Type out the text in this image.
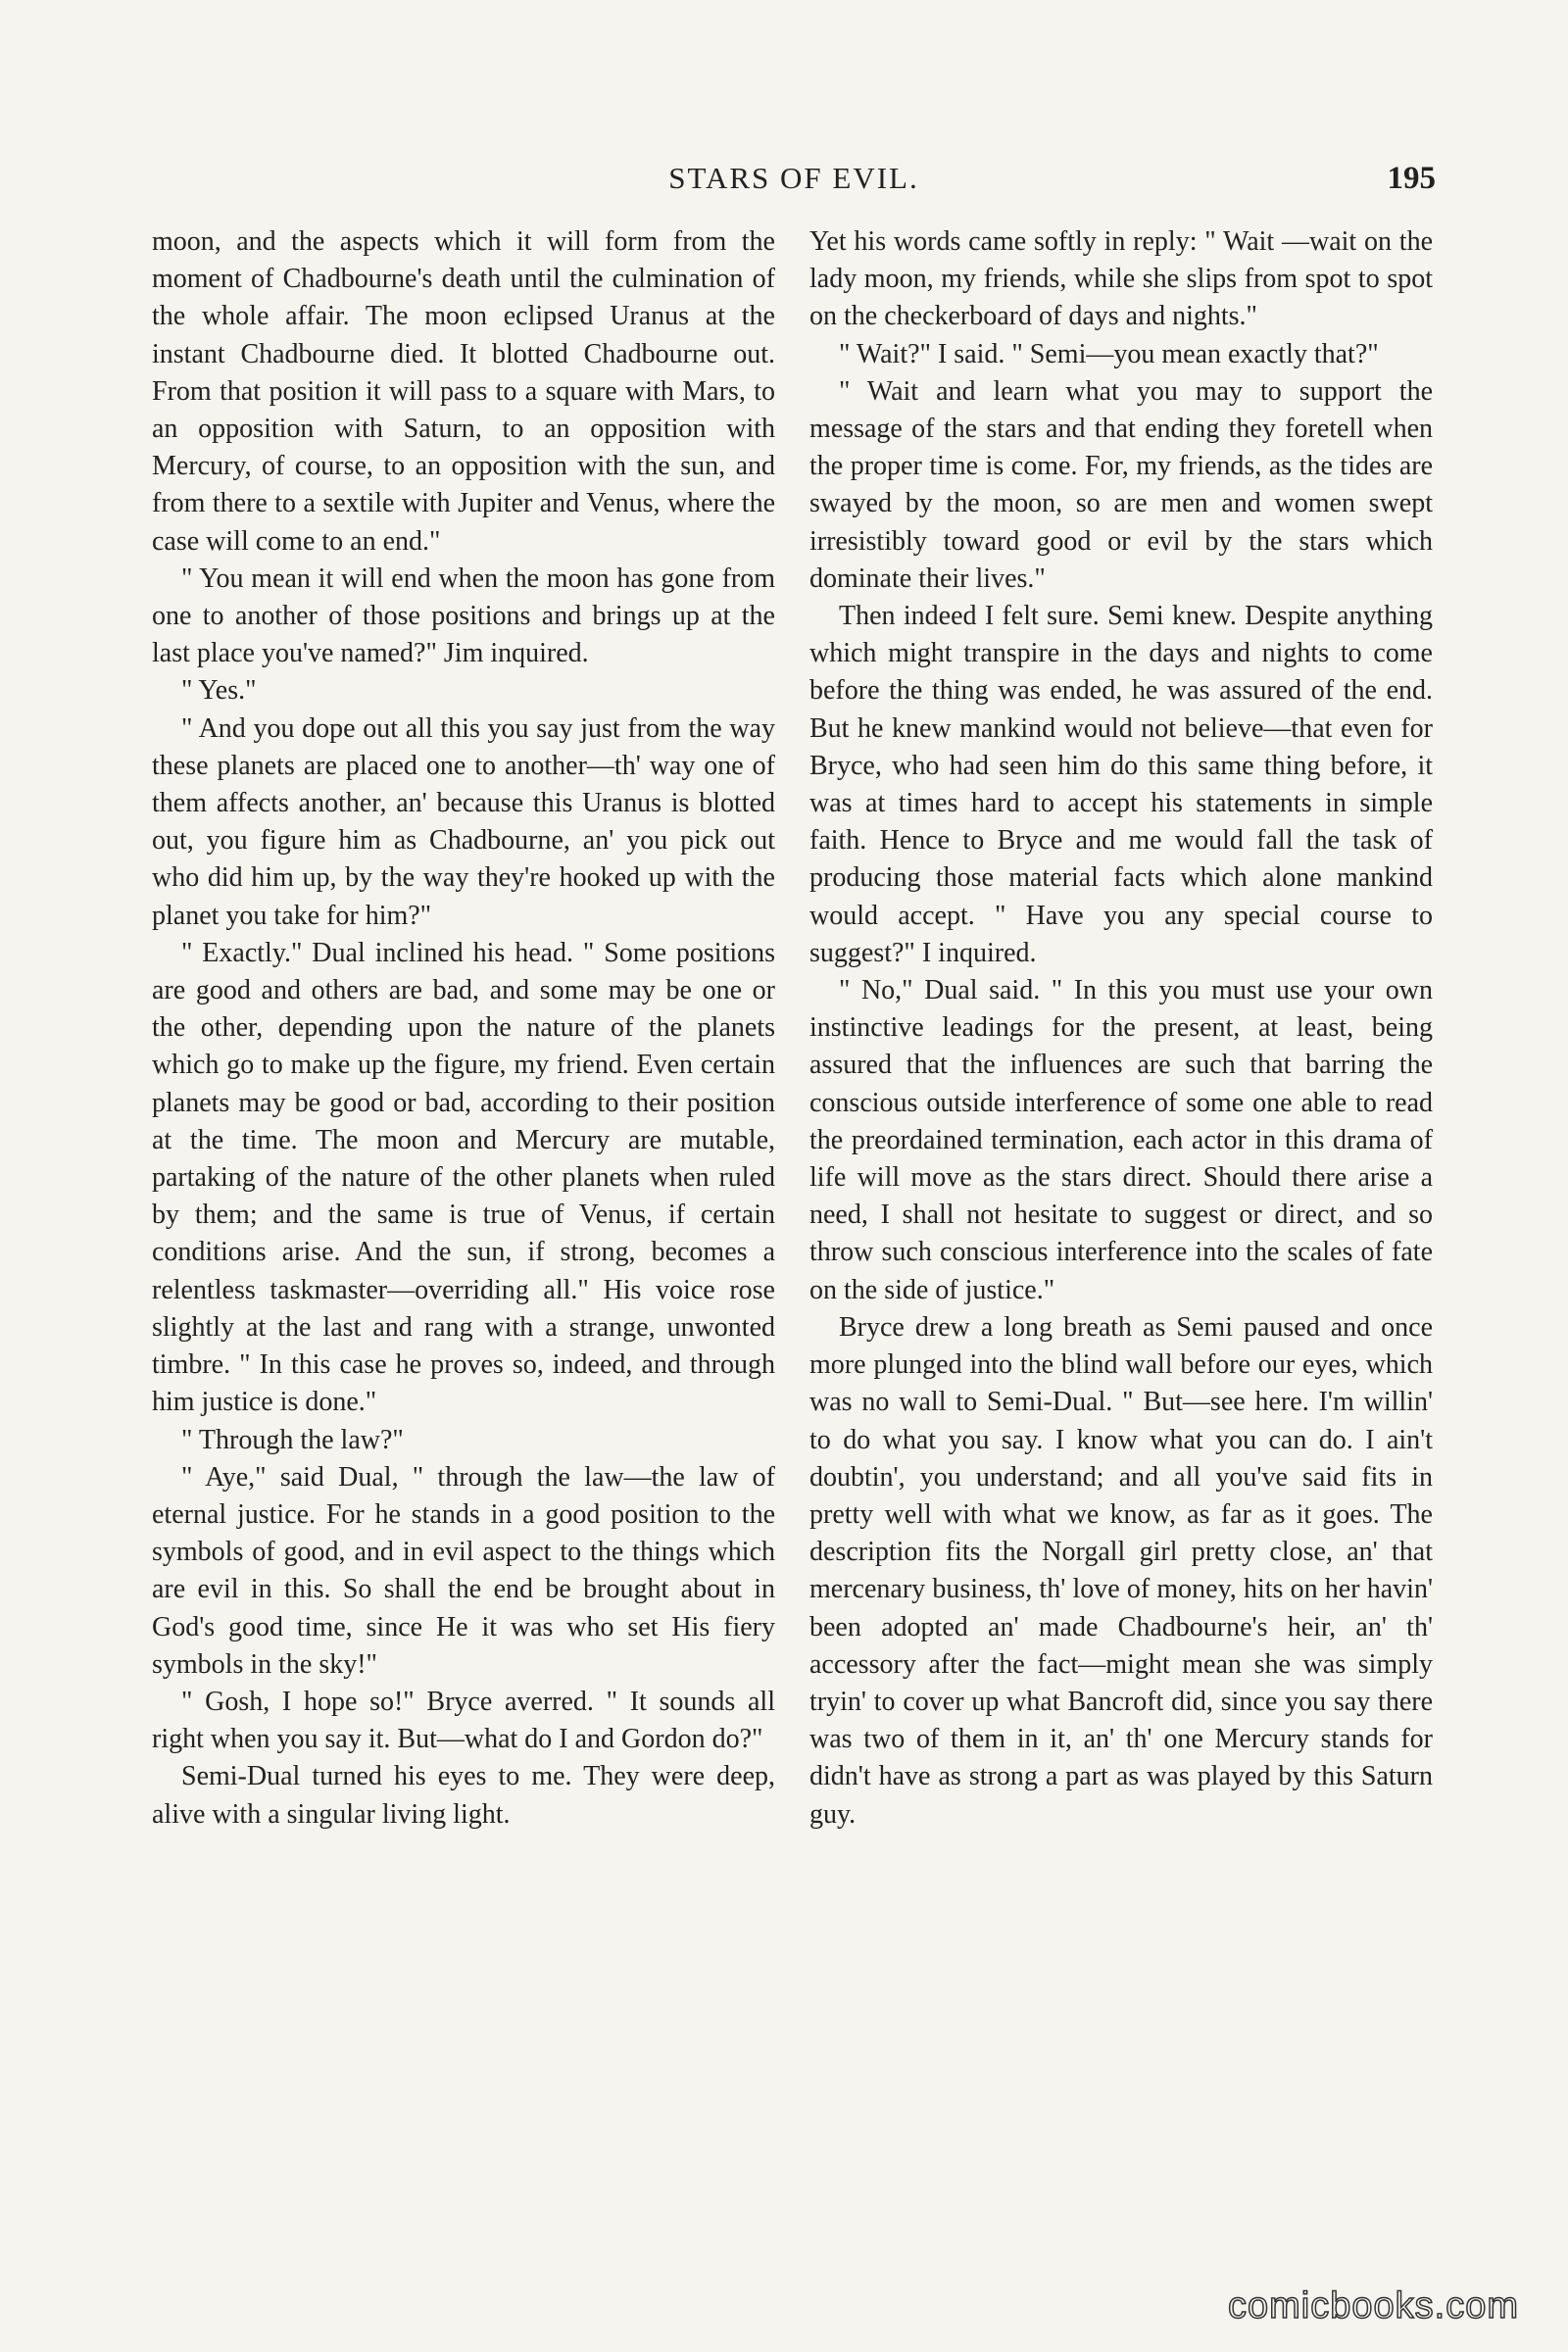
STARS OF EVIL.	195

moon, and the aspects which it will form from the moment of Chadbourne's death until the culmination of the whole affair. The moon eclipsed Uranus at the instant Chadbourne died. It blotted Chadbourne out. From that position it will pass to a square with Mars, to an opposition with Saturn, to an opposition with Mercury, of course, to an opposition with the sun, and from there to a sextile with Jupiter and Venus, where the case will come to an end."

" You mean it will end when the moon has gone from one to another of those positions and brings up at the last place you've named?" Jim inquired.

" Yes."

" And you dope out all this you say just from the way these planets are placed one to another—th' way one of them affects another, an' because this Uranus is blotted out, you figure him as Chadbourne, an' you pick out who did him up, by the way they're hooked up with the planet you take for him?"

" Exactly." Dual inclined his head. " Some positions are good and others are bad, and some may be one or the other, depending upon the nature of the planets which go to make up the figure, my friend. Even certain planets may be good or bad, according to their position at the time. The moon and Mercury are mutable, partaking of the nature of the other planets when ruled by them; and the same is true of Venus, if certain conditions arise. And the sun, if strong, becomes a relentless taskmaster—overriding all." His voice rose slightly at the last and rang with a strange, unwonted timbre. " In this case he proves so, indeed, and through him justice is done."

" Through the law?"

" Aye," said Dual, " through the law—the law of eternal justice. For he stands in a good position to the symbols of good, and in evil aspect to the things which are evil in this. So shall the end be brought about in God's good time, since He it was who set His fiery symbols in the sky!"

" Gosh, I hope so!" Bryce averred. " It sounds all right when you say it. But—what do I and Gordon do?"

Semi-Dual turned his eyes to me. They were deep, alive with a singular living light.

Yet his words came softly in reply: " Wait —wait on the lady moon, my friends, while she slips from spot to spot on the checkerboard of days and nights."

" Wait?" I said. " Semi—you mean exactly that?"

" Wait and learn what you may to support the message of the stars and that ending they foretell when the proper time is come. For, my friends, as the tides are swayed by the moon, so are men and women swept irresistibly toward good or evil by the stars which dominate their lives."

Then indeed I felt sure. Semi knew. Despite anything which might transpire in the days and nights to come before the thing was ended, he was assured of the end. But he knew mankind would not believe—that even for Bryce, who had seen him do this same thing before, it was at times hard to accept his statements in simple faith. Hence to Bryce and me would fall the task of producing those material facts which alone mankind would accept. " Have you any special course to suggest?" I inquired.

" No," Dual said. " In this you must use your own instinctive leadings for the present, at least, being assured that the influences are such that barring the conscious outside interference of some one able to read the preordained termination, each actor in this drama of life will move as the stars direct. Should there arise a need, I shall not hesitate to suggest or direct, and so throw such conscious interference into the scales of fate on the side of justice."

Bryce drew a long breath as Semi paused and once more plunged into the blind wall before our eyes, which was no wall to Semi-Dual. " But—see here. I'm willin' to do what you say. I know what you can do. I ain't doubtin', you understand; and all you've said fits in pretty well with what we know, as far as it goes. The description fits the Norgall girl pretty close, an' that mercenary business, th' love of money, hits on her havin' been adopted an' made Chadbourne's heir, an' th' accessory after the fact—might mean she was simply tryin' to cover up what Bancroft did, since you say there was two of them in it, an' th' one Mercury stands for didn't have as strong a part as was played by this Saturn guy.

comicbooks.com
